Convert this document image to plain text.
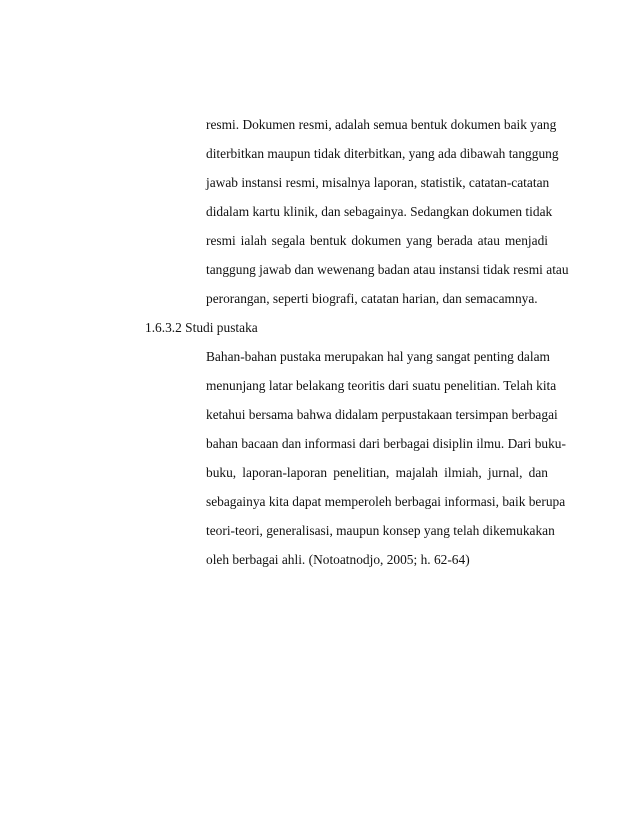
resmi. Dokumen resmi, adalah semua bentuk dokumen baik yang

diterbitkan maupun tidak diterbitkan, yang ada dibawah tanggung

jawab instansi resmi, misalnya laporan, statistik, catatan-catatan

didalam kartu klinik, dan sebagainya. Sedangkan dokumen tidak

resmi ialah segala bentuk dokumen yang berada atau menjadi

tanggung jawab dan wewenang badan atau instansi tidak resmi atau

perorangan, seperti biografi, catatan harian, dan semacamnya.

1.6.3.2 Studi pustaka

Bahan-bahan pustaka merupakan hal yang sangat penting dalam

menunjang latar belakang teoritis dari suatu penelitian. Telah kita

ketahui bersama bahwa didalam perpustakaan tersimpan berbagai

bahan bacaan dan informasi dari berbagai disiplin ilmu. Dari buku-

buku, laporan-laporan penelitian, majalah ilmiah, jurnal, dan

sebagainya kita dapat memperoleh berbagai informasi, baik berupa

teori-teori, generalisasi, maupun konsep yang telah dikemukakan

oleh berbagai ahli. (Notoatnodjo, 2005; h. 62-64)
